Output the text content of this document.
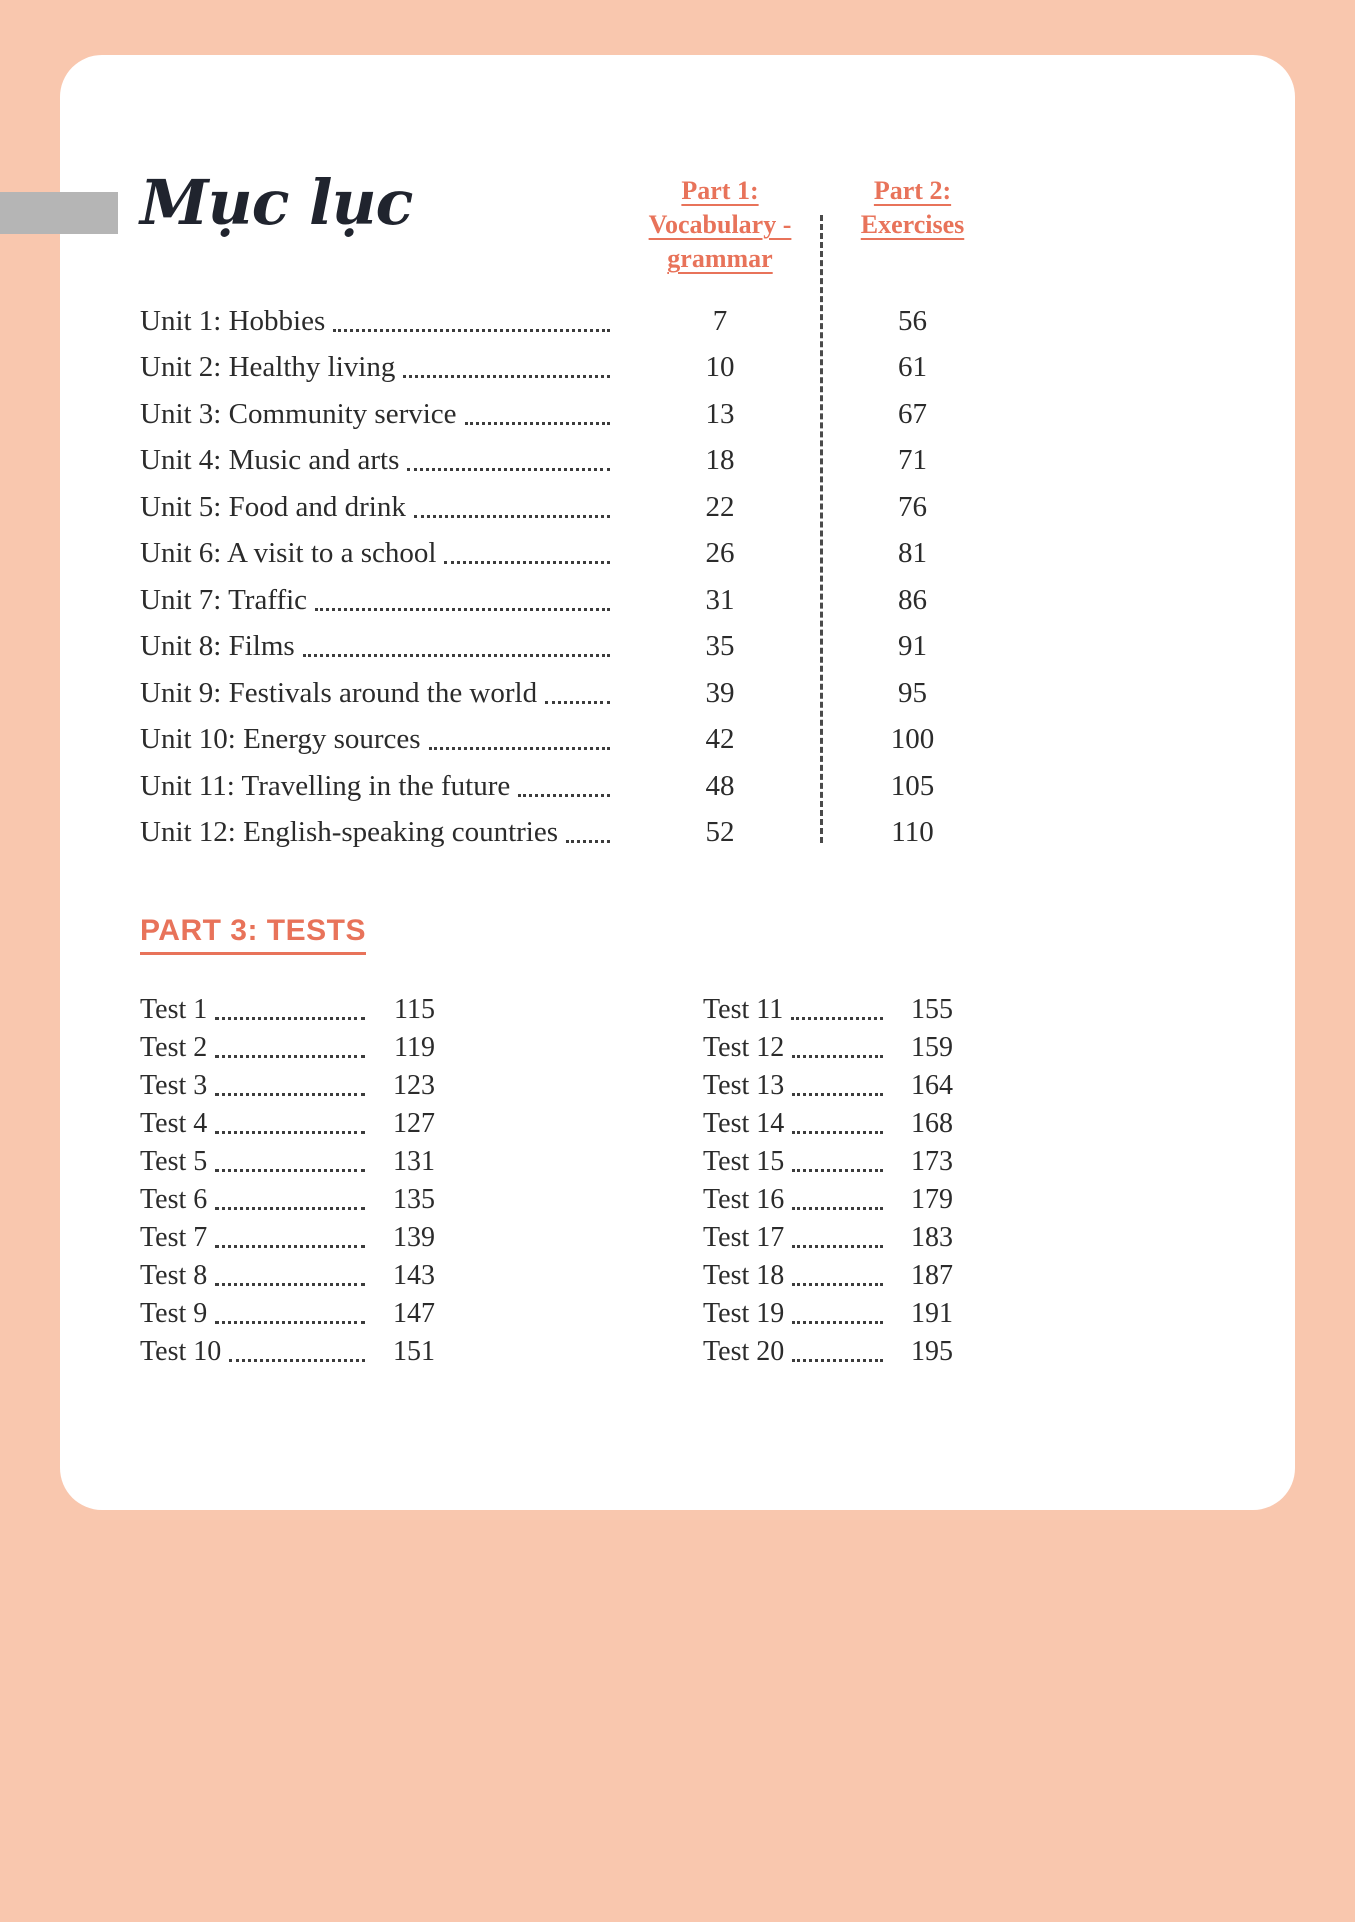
Mục lục	Part 1:
Vocabulary -
grammar
Part 2:
Exercises
Unit 1: Hobbies	7	56
Unit 2: Healthy living	10	61
Unit 3: Community service	13	67
Unit 4: Music and arts	18	71
Unit 5: Food and drink	22	76
Unit 6: A visit to a school	26	81
Unit 7: Traffic	31	86
Unit 8: Films	35	91
Unit 9: Festivals around the world	39	95
Unit 10: Energy sources	42	100
Unit 11: Travelling in the future	48	105
Unit 12: English-speaking countries	52	110
PART 3: TESTS
Test 1	115
Test 2	119
Test 3	123
Test 4	127
Test 5	131
Test 6	135
Test 7	139
Test 8	143
Test 9	147
Test 10	151
Test 11	155
Test 12	159
Test 13	164
Test 14	168
Test 15	173
Test 16	179
Test 17	183
Test 18	187
Test 19	191
Test 20	195
